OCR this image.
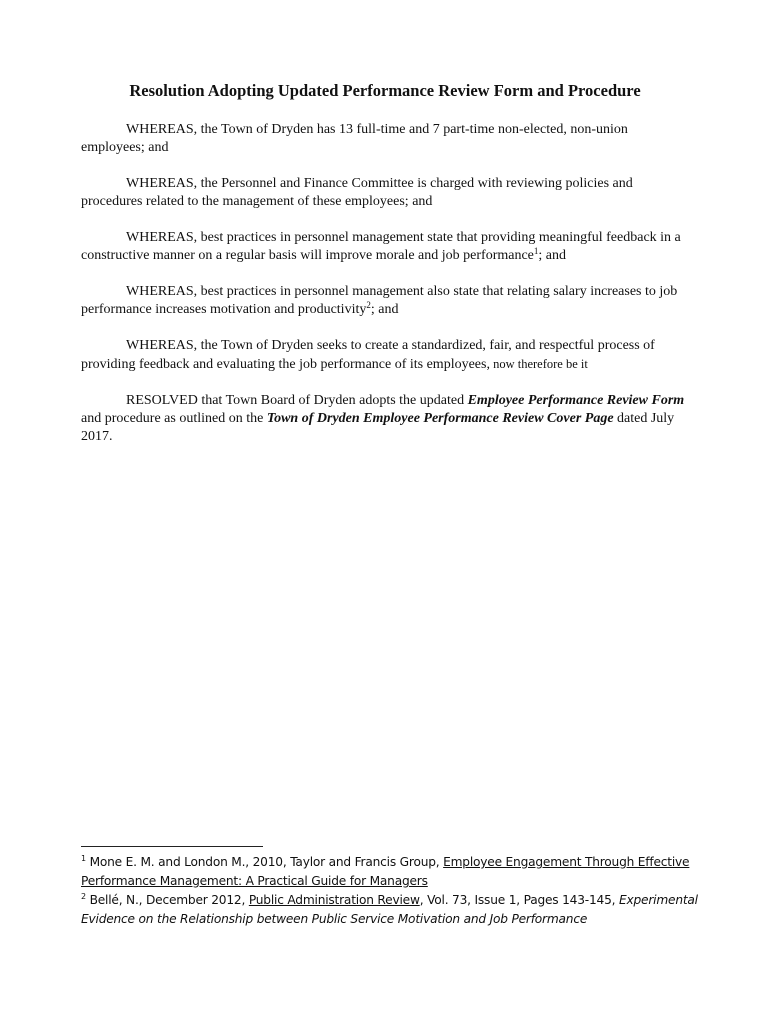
Resolution Adopting Updated Performance Review Form and Procedure

WHEREAS, the Town of Dryden has 13 full-time and 7 part-time non-elected, non-union employees; and

WHEREAS, the Personnel and Finance Committee is charged with reviewing policies and procedures related to the management of these employees; and

WHEREAS, best practices in personnel management state that providing meaningful feedback in a constructive manner on a regular basis will improve morale and job performance$^1$; and

WHEREAS, best practices in personnel management also state that relating salary increases to job performance increases motivation and productivity$^2$; and

WHEREAS, the Town of Dryden seeks to create a standardized, fair, and respectful process of providing feedback and evaluating the job performance of its employees, now therefore be it

RESOLVED that Town Board of Dryden adopts the updated Employee Performance Review Form and procedure as outlined on the Town of Dryden Employee Performance Review Cover Page dated July 2017.

$^1$ Mone E. M. and London M., 2010, Taylor and Francis Group, Employee Engagement Through Effective Performance Management: A Practical Guide for Managers

$^2$ Bellé, N., December 2012, Public Administration Review, Vol. 73, Issue 1, Pages 143-145, Experimental Evidence on the Relationship between Public Service Motivation and Job Performance
